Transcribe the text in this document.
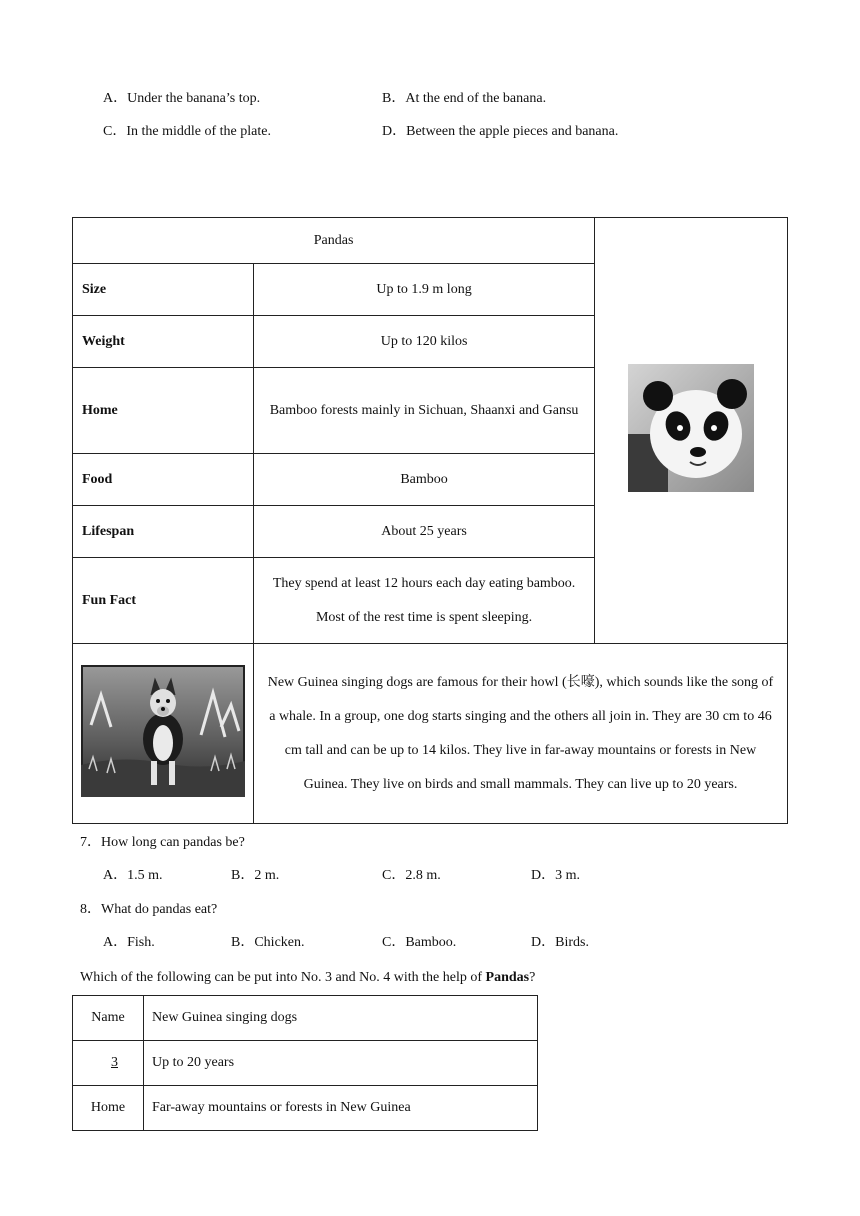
A．Under the banana’s top.	B．At the end of the banana.
C．In the middle of the plate.	D．Between the apple pieces and banana.
Pandas	
Size	Up to 1.9 m long	
Weight	Up to 120 kilos	
Home	Bamboo forests mainly in Sichuan, Shaanxi and Gansu	
Food	Bamboo	
Lifespan	About 25 years	
Fun Fact	They spend at least 12 hours each day eating bamboo. Most of the rest time is spent sleeping.	
	New Guinea singing dogs are famous for their howl (长嚎), which sounds like the song of a whale. In a group, one dog starts singing and the others all join in. They are 30 cm to 46 cm tall and can be up to 14 kilos. They live in far-away mountains or forests in New Guinea. They live on birds and small mammals. They can live up to 20 years.	
7．How long can pandas be?
A．1.5 m.	B．2 m.	C．2.8 m.	D．3 m.
8．What do pandas eat?
A．Fish.	B．Chicken.	C．Bamboo.	D．Birds.
Which of the following can be put into No. 3 and No. 4 with the help of Pandas?
Name	New Guinea singing dogs
3	Up to 20 years
Home	Far-away mountains or forests in New Guinea
